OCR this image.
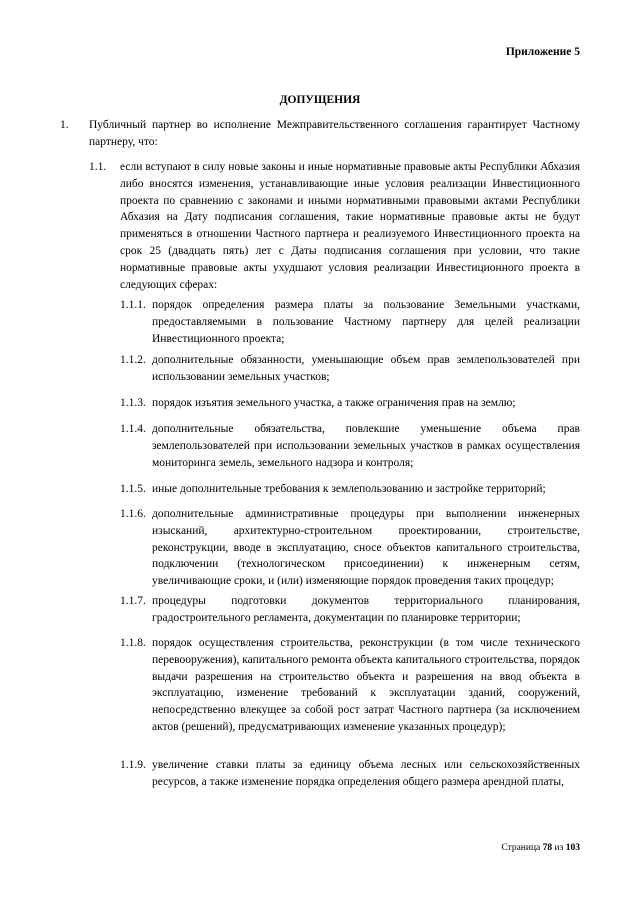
Приложение 5
ДОПУЩЕНИЯ
1. Публичный партнер во исполнение Межправительственного соглашения гарантирует Частному партнеру, что:
1.1. если вступают в силу новые законы и иные нормативные правовые акты Республики Абхазия либо вносятся изменения, устанавливающие иные условия реализации Инвестиционного проекта по сравнению с законами и иными нормативными правовыми актами Республики Абхазия на Дату подписания соглашения, такие нормативные правовые акты не будут применяться в отношении Частного партнера и реализуемого Инвестиционного проекта на срок 25 (двадцать пять) лет с Даты подписания соглашения при условии, что такие нормативные правовые акты ухудшают условия реализации Инвестиционного проекта в следующих сферах:
1.1.1. порядок определения размера платы за пользование Земельными участками, предоставляемыми в пользование Частному партнеру для целей реализации Инвестиционного проекта;
1.1.2. дополнительные обязанности, уменьшающие объем прав землепользователей при использовании земельных участков;
1.1.3. порядок изъятия земельного участка, а также ограничения прав на землю;
1.1.4. дополнительные обязательства, повлекшие уменьшение объема прав землепользователей при использовании земельных участков в рамках осуществления мониторинга земель, земельного надзора и контроля;
1.1.5. иные дополнительные требования к землепользованию и застройке территорий;
1.1.6. дополнительные административные процедуры при выполнении инженерных изысканий, архитектурно-строительном проектировании, строительстве, реконструкции, вводе в эксплуатацию, сносе объектов капитального строительства, подключении (технологическом присоединении) к инженерным сетям, увеличивающие сроки, и (или) изменяющие порядок проведения таких процедур;
1.1.7. процедуры подготовки документов территориального планирования, градостроительного регламента, документации по планировке территории;
1.1.8. порядок осуществления строительства, реконструкции (в том числе технического перевооружения), капитального ремонта объекта капитального строительства, порядок выдачи разрешения на строительство объекта и разрешения на ввод объекта в эксплуатацию, изменение требований к эксплуатации зданий, сооружений, непосредственно влекущее за собой рост затрат Частного партнера (за исключением актов (решений), предусматривающих изменение указанных процедур);
1.1.9. увеличение ставки платы за единицу объема лесных или сельскохозяйственных ресурсов, а также изменение порядка определения общего размера арендной платы,
Страница 78 из 103
